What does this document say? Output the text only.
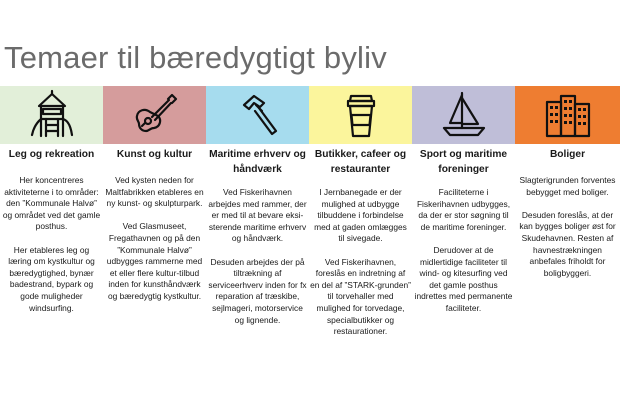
Temaer til bæredygtigt byliv
Leg og rekreation

Her koncentreres aktiviteterne i to områder: den ”Kommunale Halvø” og området ved det gamle posthus.

Her etableres leg og læring om kystkultur og bæredygtighed, bynær badestrand, bypark og gode muligheder windsurfing.

Kunst og kultur

Ved kysten neden for Maltfabrikken etableres en ny kunst- og skulpturpark.

Ved Glasmuseet, Fregathavnen og på den ”Kommunale Halvø” udbygges rammerne med et eller flere kultur-tilbud inden for kunsthåndværk og bæredygtig kystkultur.

Maritime erhverv og håndværk

Ved Fiskerihavnen arbejdes med rammer, der er med til at bevare eksi-sterende maritime erhverv og håndværk.

Desuden arbejdes der på tiltrækning af serviceerhverv inden for fx reparation af træskibe, sejlmageri, motorservice og lignende.

Butikker, cafeer og restauranter

I Jernbanegade er der mulighed at udbygge tilbuddene i forbindelse med at gaden omlægges til sivegade.

Ved Fiskerihavnen, foreslås en indretning af en del af ”STARK-grunden” til torvehaller med mulighed for torvedage, specialbutikker og restaurationer.

Sport og maritime foreninger

Faciliteterne i Fiskerihavnen udbygges, da der er stor søgning til de maritime foreninger.

Derudover at de midlertidige faciliteter til wind- og kitesurfing ved det gamle posthus indrettes med permanente faciliteter.

Boliger

Slagterigrunden forventes bebygget med boliger.

Desuden foreslås, at der kan bygges boliger øst for Skudehavnen. Resten af havnestrækningen anbefales friholdt for boligbyggeri.
